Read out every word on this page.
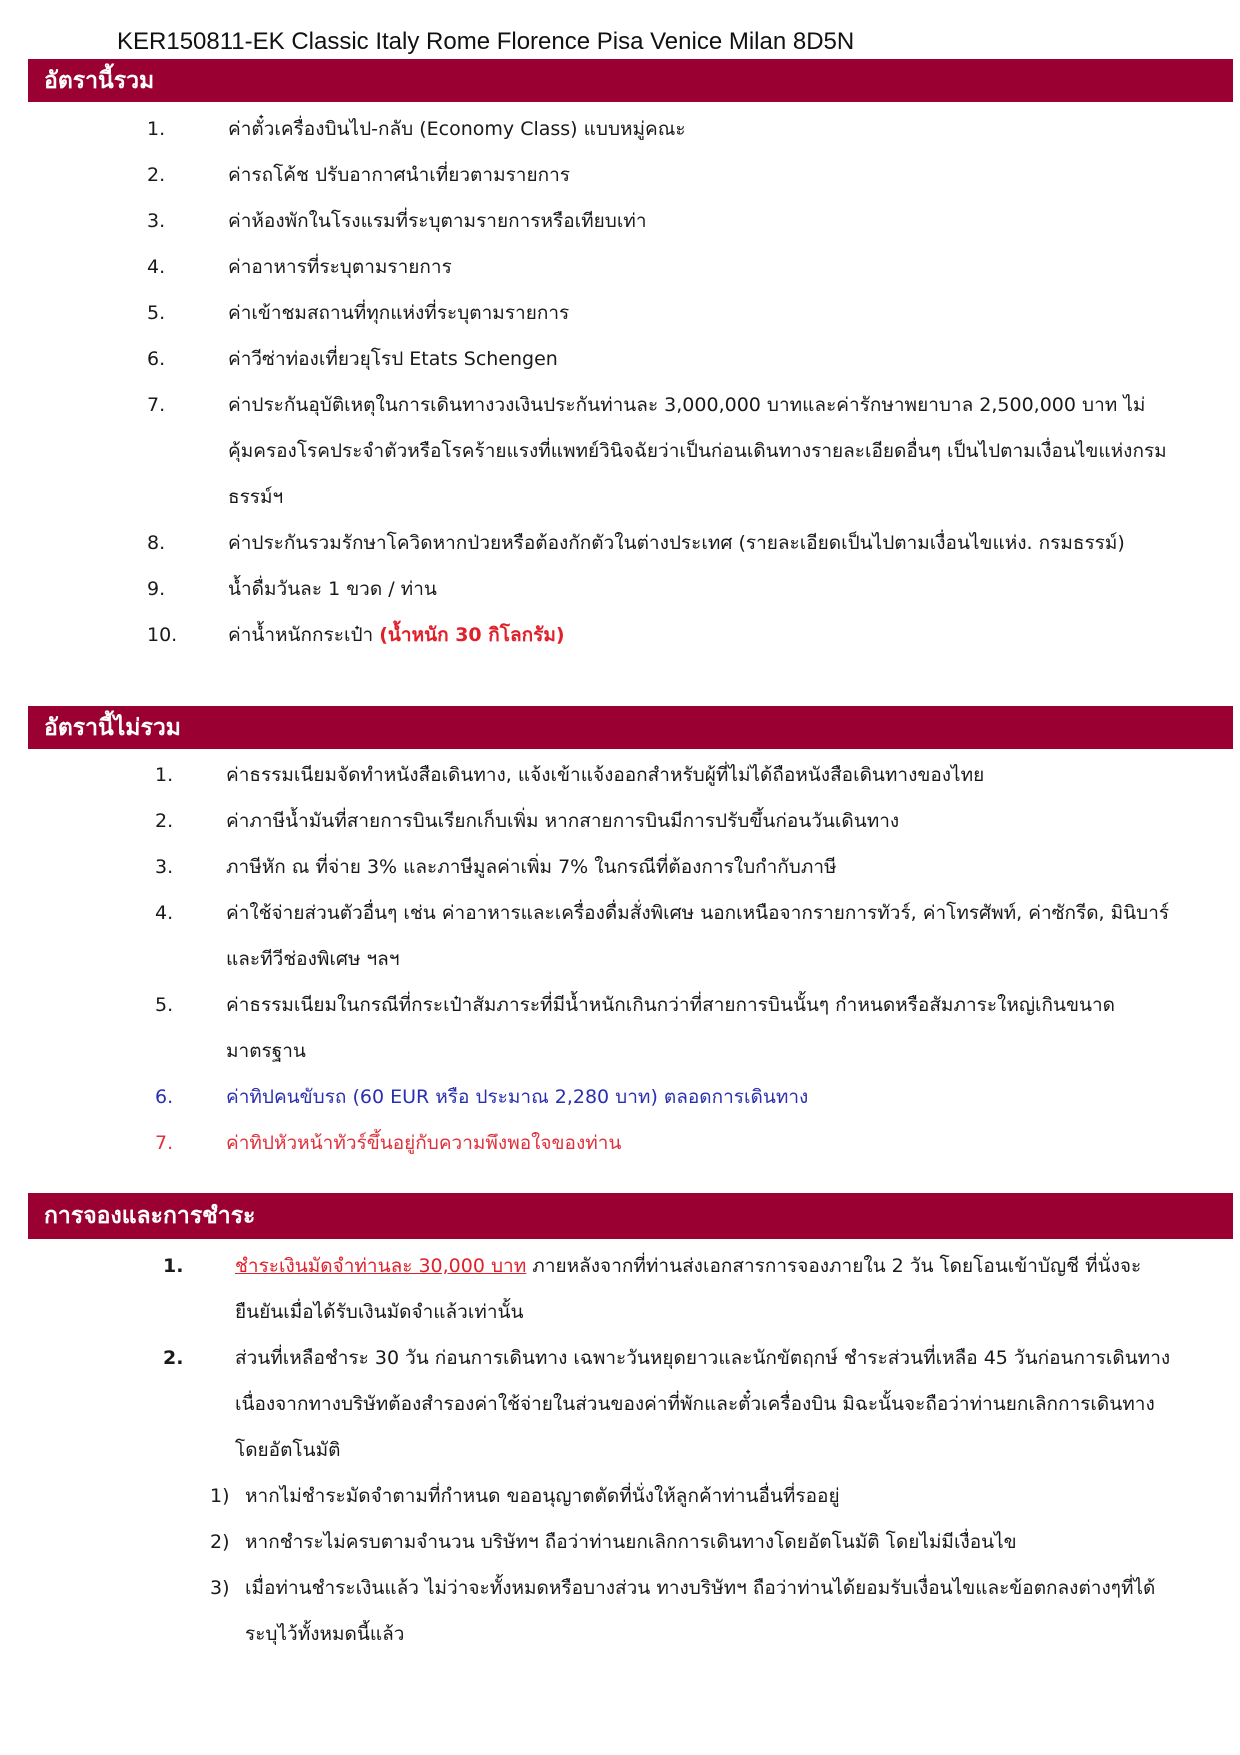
KER150811-EK Classic Italy Rome Florence Pisa Venice Milan 8D5N
อัตรานี้รวม
1.	ค่าตั๋วเครื่องบินไป-กลับ (Economy Class) แบบหมู่คณะ
2.	ค่ารถโค้ช ปรับอากาศนำเที่ยวตามรายการ
3.	ค่าห้องพักในโรงแรมที่ระบุตามรายการหรือเทียบเท่า
4.	ค่าอาหารที่ระบุตามรายการ
5.	ค่าเข้าชมสถานที่ทุกแห่งที่ระบุตามรายการ
6.	ค่าวีซ่าท่องเที่ยวยุโรป Etats Schengen
7.	ค่าประกันอุบัติเหตุในการเดินทางวงเงินประกันท่านละ 3,000,000 บาทและค่ารักษาพยาบาล 2,500,000 บาท ไม่คุ้มครองโรคประจำตัวหรือโรคร้ายแรงที่แพทย์วินิจฉัยว่าเป็นก่อนเดินทางรายละเอียดอื่นๆ เป็นไปตามเงื่อนไขแห่งกรมธรรม์ฯ
8.	ค่าประกันรวมรักษาโควิดหากป่วยหรือต้องกักตัวในต่างประเทศ (รายละเอียดเป็นไปตามเงื่อนไขแห่ง. กรมธรรม์)
9.	น้ำดื่มวันละ 1 ขวด / ท่าน
10.	ค่าน้ำหนักกระเป๋า (น้ำหนัก 30 กิโลกรัม)
อัตรานี้ไม่รวม
1.	ค่าธรรมเนียมจัดทำหนังสือเดินทาง, แจ้งเข้าแจ้งออกสำหรับผู้ที่ไม่ได้ถือหนังสือเดินทางของไทย
2.	ค่าภาษีน้ำมันที่สายการบินเรียกเก็บเพิ่ม หากสายการบินมีการปรับขึ้นก่อนวันเดินทาง
3.	ภาษีหัก ณ ที่จ่าย 3% และภาษีมูลค่าเพิ่ม 7% ในกรณีที่ต้องการใบกำกับภาษี
4.	ค่าใช้จ่ายส่วนตัวอื่นๆ เช่น ค่าอาหารและเครื่องดื่มสั่งพิเศษ นอกเหนือจากรายการทัวร์, ค่าโทรศัพท์, ค่าซักรีด, มินิบาร์และทีวีช่องพิเศษ ฯลฯ
5.	ค่าธรรมเนียมในกรณีที่กระเป๋าสัมภาระที่มีน้ำหนักเกินกว่าที่สายการบินนั้นๆ กำหนดหรือสัมภาระใหญ่เกินขนาดมาตรฐาน
6.	ค่าทิปคนขับรถ (60 EUR หรือ ประมาณ 2,280 บาท) ตลอดการเดินทาง
7.	ค่าทิปหัวหน้าทัวร์ขึ้นอยู่กับความพึงพอใจของท่าน
การจองและการชำระ
1.	ชำระเงินมัดจำท่านละ 30,000 บาท ภายหลังจากที่ท่านส่งเอกสารการจองภายใน 2 วัน โดยโอนเข้าบัญชี ที่นั่งจะยืนยันเมื่อได้รับเงินมัดจำแล้วเท่านั้น
2.	ส่วนที่เหลือชำระ 30 วัน ก่อนการเดินทาง เฉพาะวันหยุดยาวและนักขัตฤกษ์ ชำระส่วนที่เหลือ 45 วันก่อนการเดินทาง เนื่องจากทางบริษัทต้องสำรองค่าใช้จ่ายในส่วนของค่าที่พักและตั๋วเครื่องบิน มิฉะนั้นจะถือว่าท่านยกเลิกการเดินทางโดยอัตโนมัติ
1) หากไม่ชำระมัดจำตามที่กำหนด ขออนุญาตตัดที่นั่งให้ลูกค้าท่านอื่นที่รออยู่
2) หากชำระไม่ครบตามจำนวน บริษัทฯ ถือว่าท่านยกเลิกการเดินทางโดยอัตโนมัติ โดยไม่มีเงื่อนไข
3) เมื่อท่านชำระเงินแล้ว ไม่ว่าจะทั้งหมดหรือบางส่วน ทางบริษัทฯ ถือว่าท่านได้ยอมรับเงื่อนไขและข้อตกลงต่างๆที่ได้ระบุไว้ทั้งหมดนี้แล้ว
